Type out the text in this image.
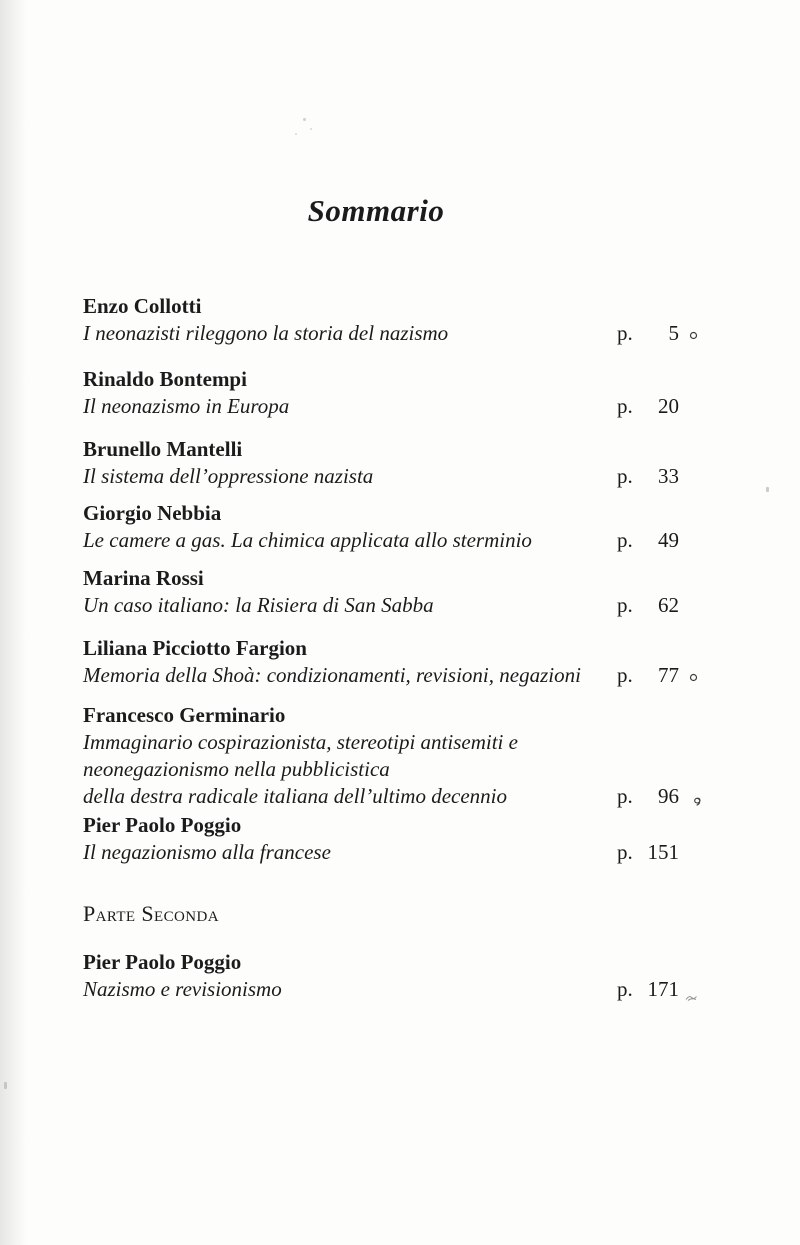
Sommario
Enzo Collotti
I neonazisti rileggono la storia del nazismo	p. 5
Rinaldo Bontempi
Il neonazismo in Europa	p. 20
Brunello Mantelli
Il sistema dell’oppressione nazista	p. 33
Giorgio Nebbia
Le camere a gas. La chimica applicata allo sterminio	p. 49
Marina Rossi
Un caso italiano: la Risiera di San Sabba	p. 62
Liliana Picciotto Fargion
Memoria della Shoà: condizionamenti, revisioni, negazioni	p. 77
Francesco Germinario
Immaginario cospirazionista, stereotipi antisemiti e
neonegazionismo nella pubblicistica
della destra radicale italiana dell’ultimo decennio	p. 96
Pier Paolo Poggio
Il negazionismo alla francese	p. 151
Parte Seconda
Pier Paolo Poggio
Nazismo e revisionismo	p. 171
